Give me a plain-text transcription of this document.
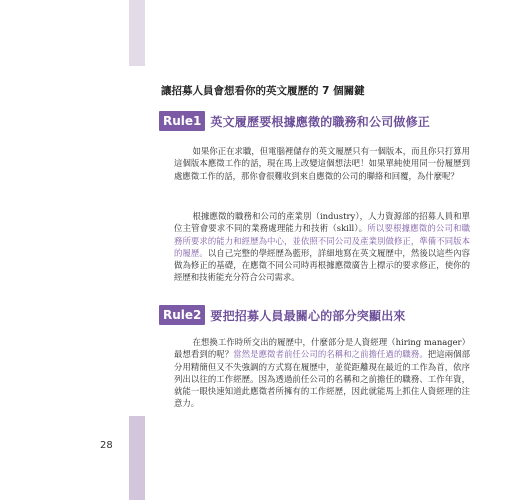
28
讓招募人員會想看你的英文履歷的 7 個關鍵
Rule1 英文履歷要根據應徵的職務和公司做修正

如果你正在求職，但電腦裡儲存的英文履歷只有一個版本，而且你只打算用這個版本應徵工作的話，現在馬上改變這個想法吧！如果單純使用同一份履歷到處應徵工作的話，那你會很難收到來自應徵的公司的聯絡和回覆，為什麼呢？

根據應徵的職務和公司的產業別（industry），人力資源部的招募人員和單位主管會要求不同的業務處理能力和技術（skill）。所以要根據應徵的公司和職務所要求的能力和經歷為中心，並依照不同公司及產業別做修正，準備不同版本的履歷。以自己完整的學經歷為藍形，詳細地寫在英文履歷中，然後以這些內容做為修正的基礎，在應徵不同公司時再根據應徵廣告上標示的要求修正，使你的經歷和技術能充分符合公司需求。

Rule2 要把招募人員最關心的部分突顯出來

在想換工作時所交出的履歷中，什麼部分是人資經理（hiring manager）最想看到的呢？當然是應徵者前任公司的名稱和之前擔任過的職務。把這兩個部分用精簡但又不失強調的方式寫在履歷中，並從距離現在最近的工作為首，依序列出以往的工作經歷。因為透過前任公司的名稱和之前擔任的職務、工作年資，就能一眼快速知道此應徵者所擁有的工作經歷，因此就能馬上抓住人資經理的注意力。
